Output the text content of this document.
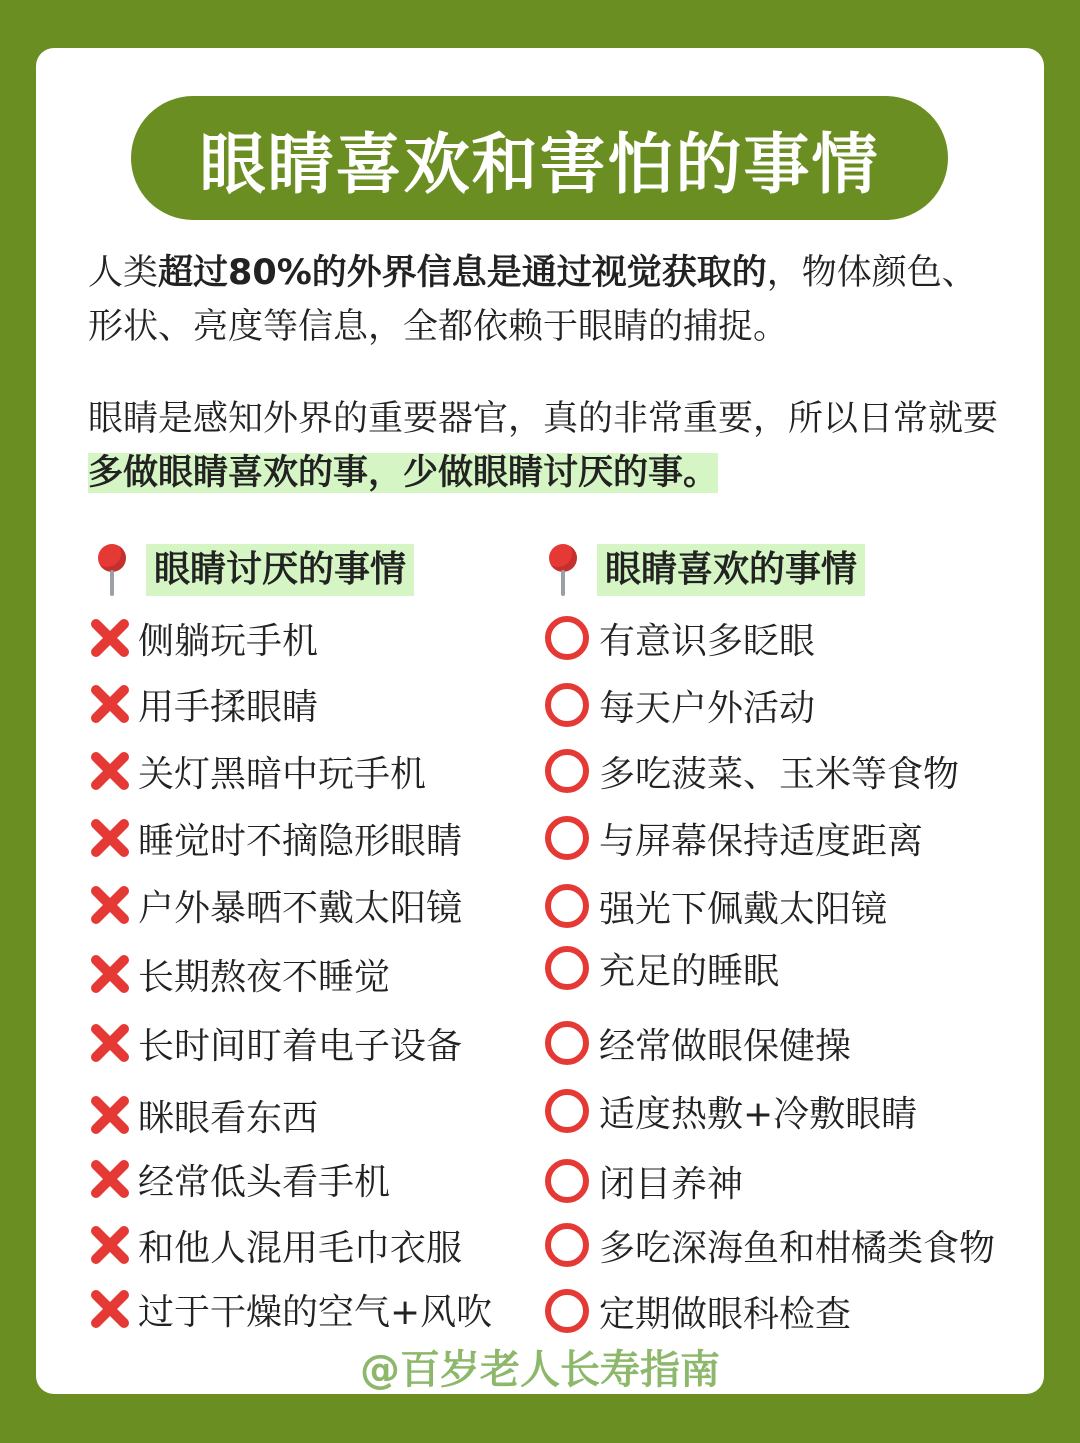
眼睛喜欢和害怕的事情
人类超过80%的外界信息是通过视觉获取的，物体颜色、形状、亮度等信息，全都依赖于眼睛的捕捉。
眼睛是感知外界的重要器官，真的非常重要，所以日常就要多做眼睛喜欢的事，少做眼睛讨厌的事。
眼睛讨厌的事情	眼睛喜欢的事情
侧躺玩手机
用手揉眼睛
关灯黑暗中玩手机
睡觉时不摘隐形眼睛
户外暴晒不戴太阳镜
长期熬夜不睡觉
长时间盯着电子设备
眯眼看东西
经常低头看手机
和他人混用毛巾衣服
过于干燥的空气+风吹
有意识多眨眼
每天户外活动
多吃菠菜、玉米等食物
与屏幕保持适度距离
强光下佩戴太阳镜
充足的睡眠
经常做眼保健操
适度热敷+冷敷眼睛
闭目养神
多吃深海鱼和柑橘类食物
定期做眼科检查
@百岁老人长寿指南
